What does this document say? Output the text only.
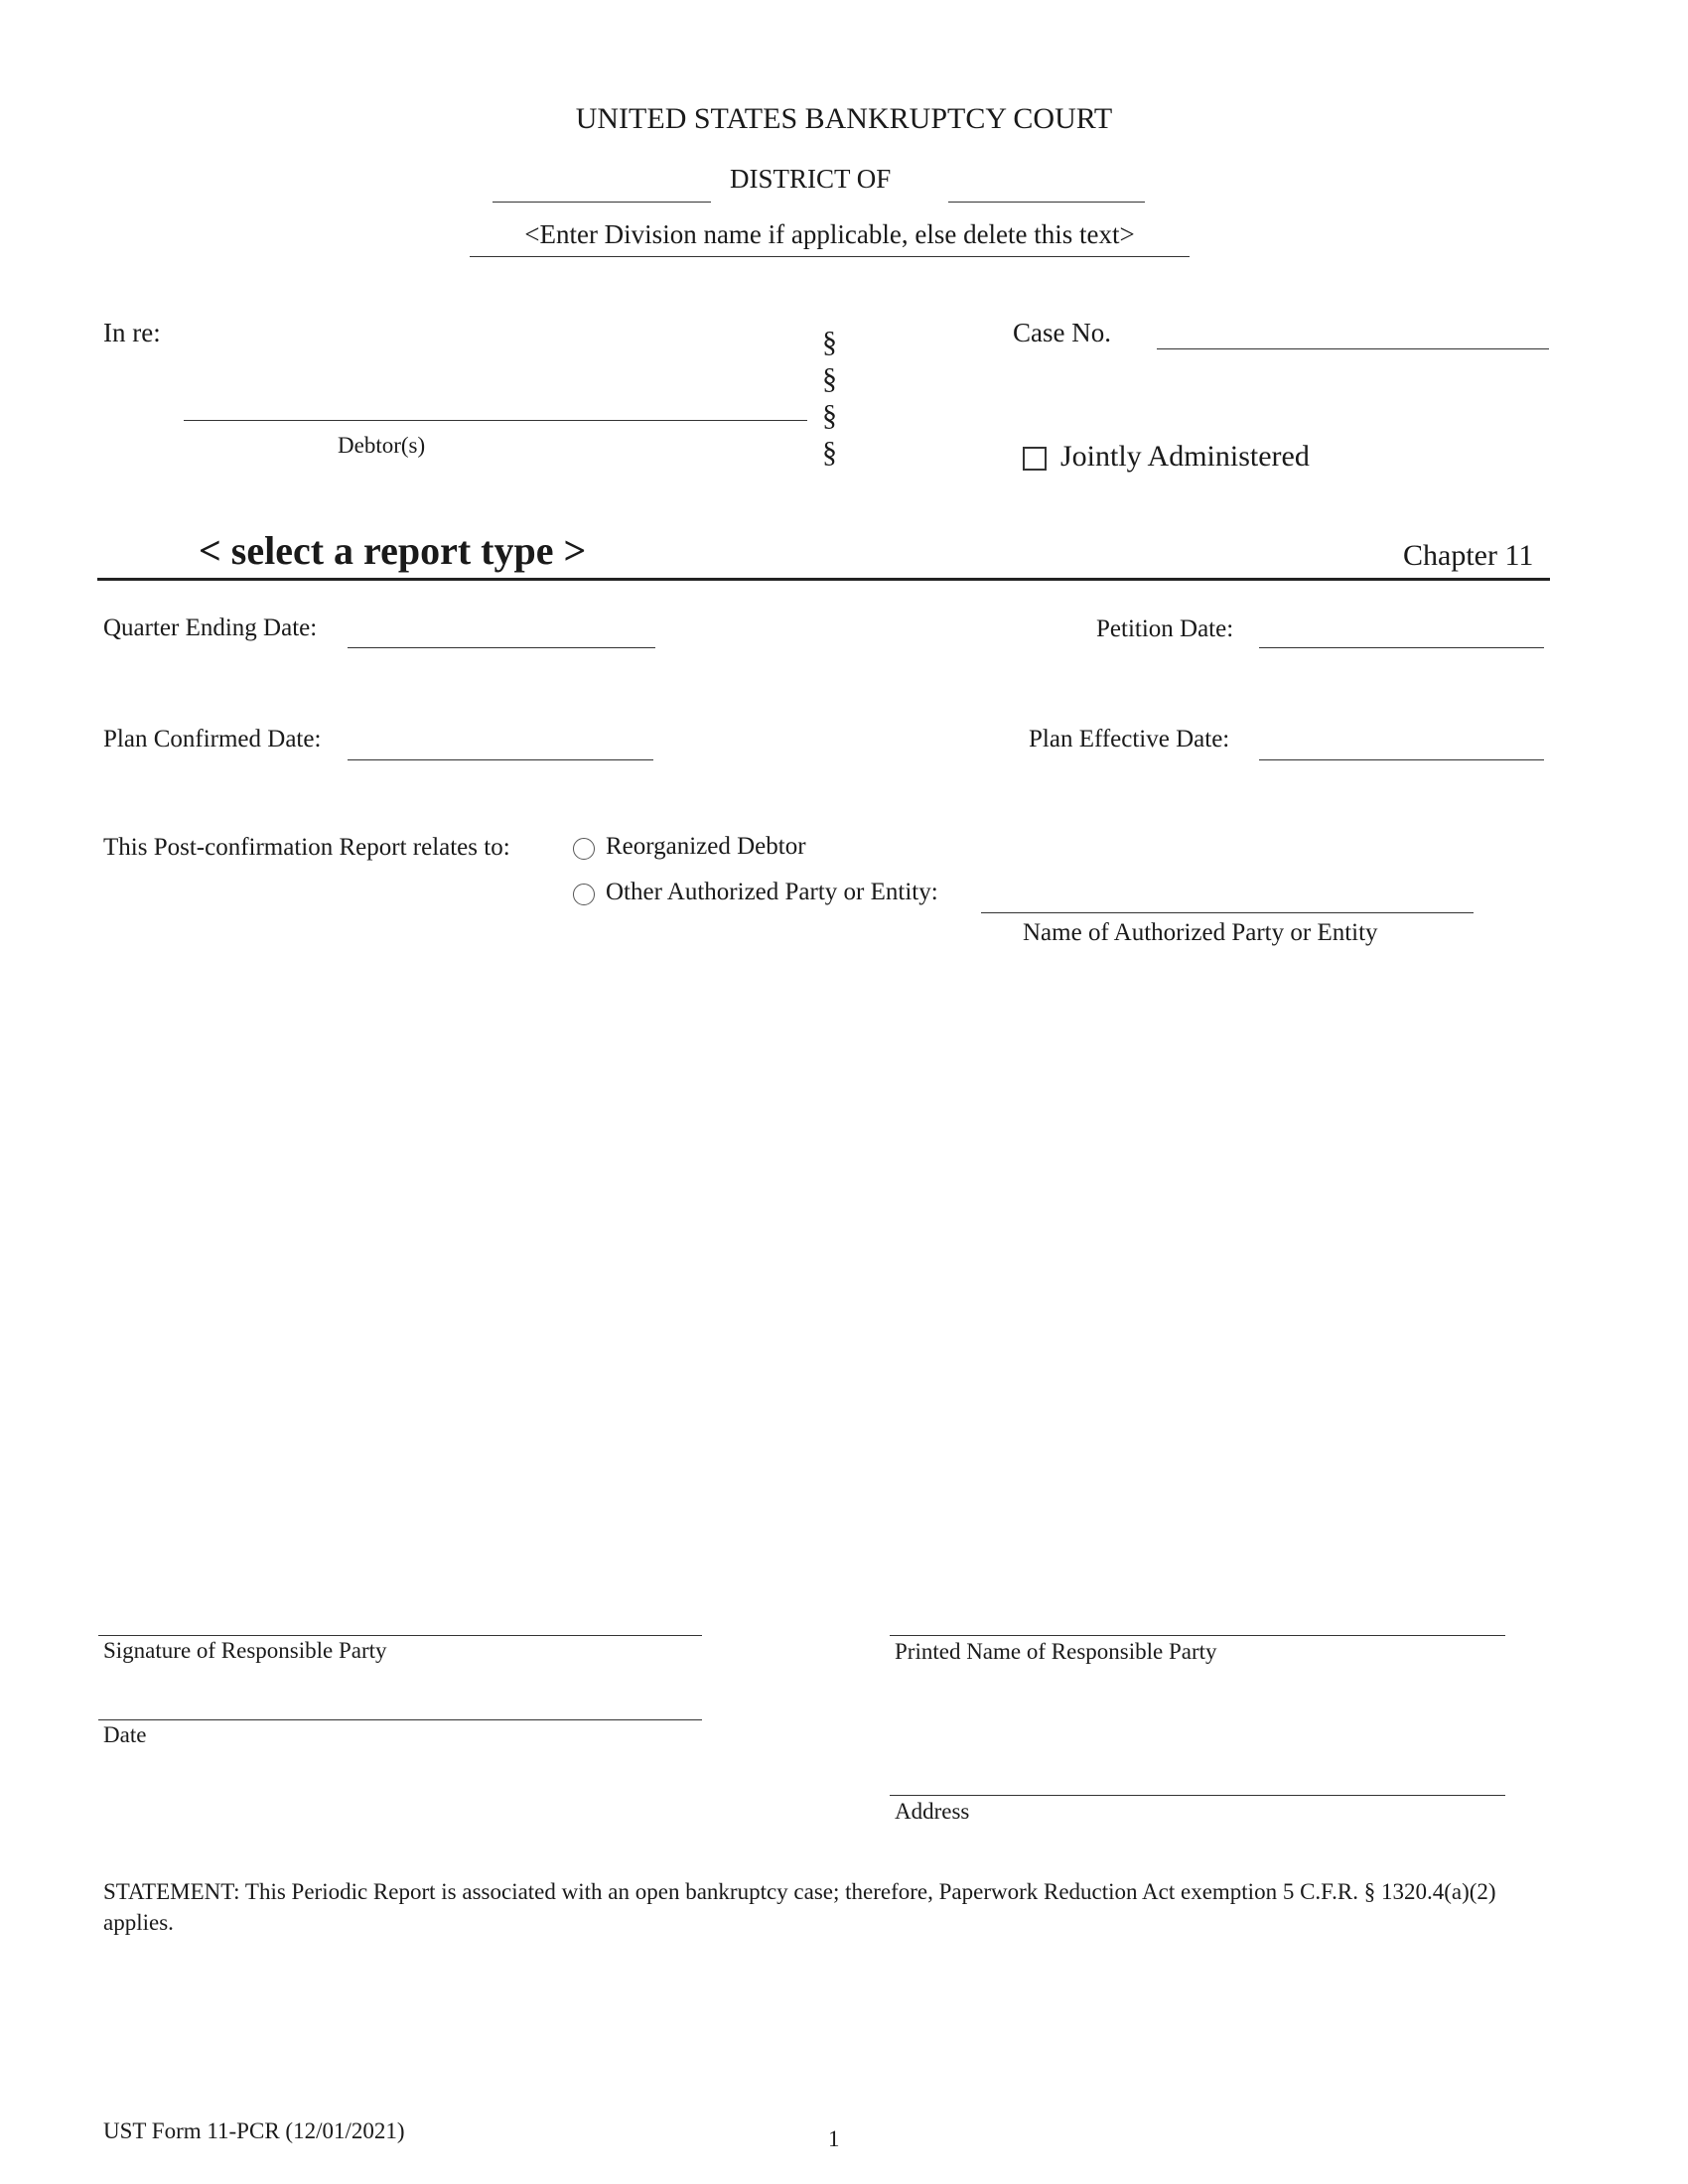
UNITED STATES BANKRUPTCY COURT
DISTRICT OF
<Enter Division name if applicable, else delete this text>
In re:
Debtor(s)
§
§
§
§
Case No.
Jointly Administered
< select a report type >	Chapter 11
Quarter Ending Date:	Petition Date:
Plan Confirmed Date:	Plan Effective Date:
This Post-confirmation Report relates to:	Reorganized Debtor
Other Authorized Party or Entity:
Name of Authorized Party or Entity
Signature of Responsible Party	Printed Name of Responsible Party
Date
Address
STATEMENT: This Periodic Report is associated with an open bankruptcy case; therefore, Paperwork Reduction Act exemption 5 C.F.R. § 1320.4(a)(2) applies.
UST Form 11-PCR (12/01/2021)	1
